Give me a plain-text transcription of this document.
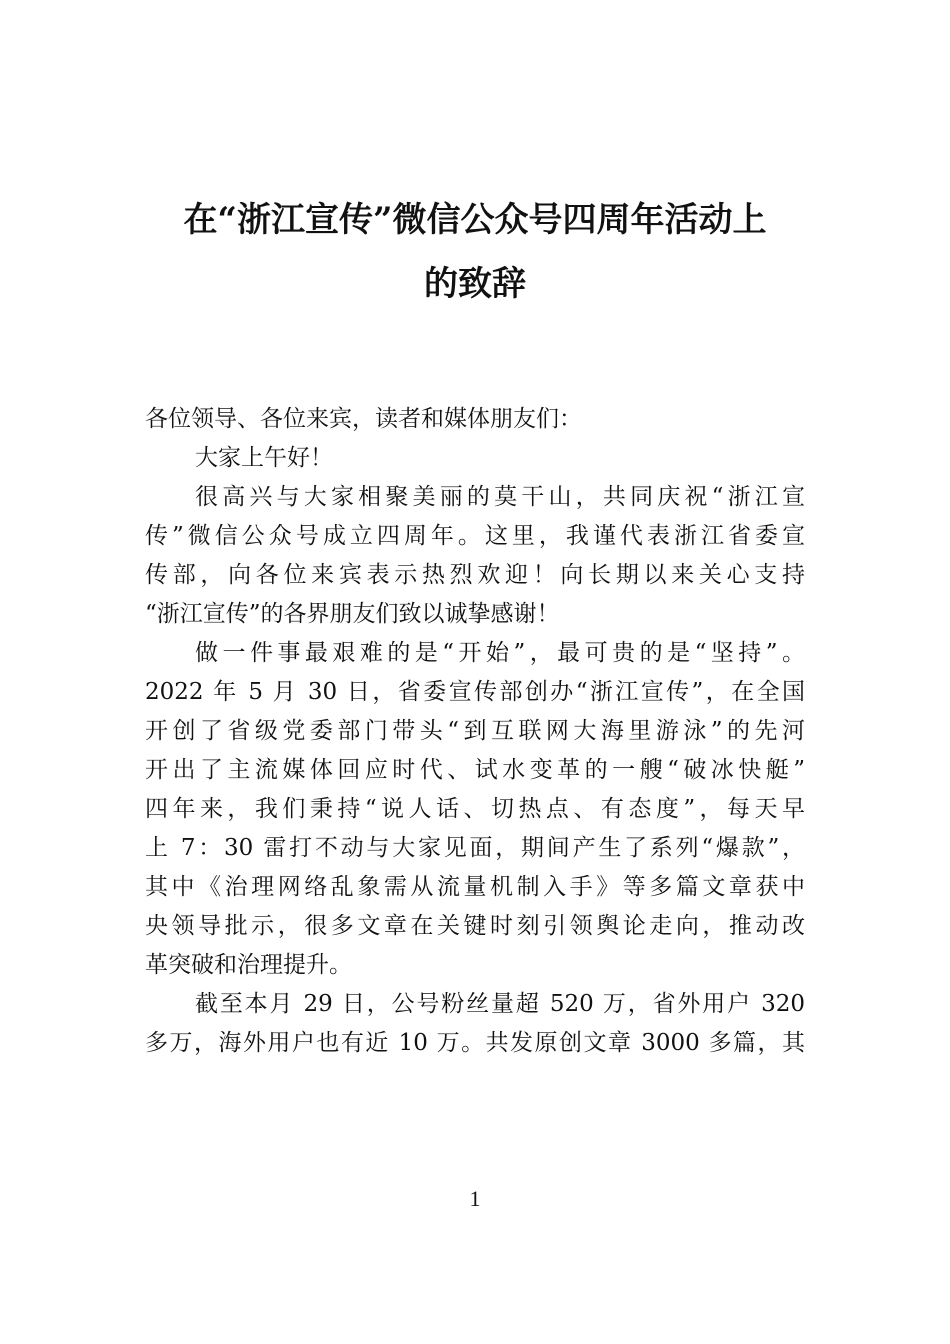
在“浙江宣传”微信公众号四周年活动上
的致辞
各位领导、各位来宾，读者和媒体朋友们：
大家上午好！
很高兴与大家相聚美丽的莫干山，共同庆祝“浙江宣
传”微信公众号成立四周年。这里，我谨代表浙江省委宣
传部，向各位来宾表示热烈欢迎！向长期以来关心支持
“浙江宣传”的各界朋友们致以诚挚感谢！
做一件事最艰难的是“开始”，最可贵的是“坚持”。
2022 年 5 月 30 日，省委宣传部创办“浙江宣传”，在全国
开创了省级党委部门带头“到互联网大海里游泳”的先河
开出了主流媒体回应时代、试水变革的一艘“破冰快艇”
四年来，我们秉持“说人话、切热点、有态度”，每天早
上 7：30 雷打不动与大家见面，期间产生了系列“爆款”，
其中《治理网络乱象需从流量机制入手》等多篇文章获中
央领导批示，很多文章在关键时刻引领舆论走向，推动改
革突破和治理提升。
截至本月 29 日，公号粉丝量超 520 万，省外用户 320
多万，海外用户也有近 10 万。共发原创文章 3000 多篇，其
1
